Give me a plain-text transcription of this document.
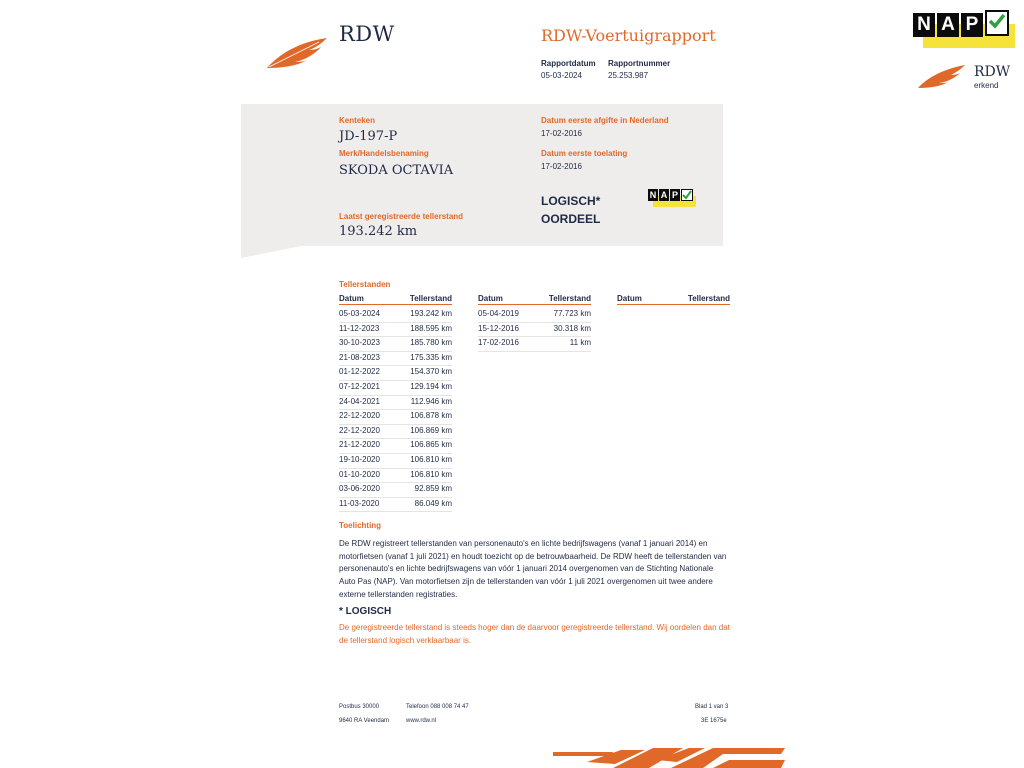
RDW	RDW-Voertuigrapport
Rapportdatum
05-03-2024
Rapportnummer
25.253.987
N A P
RDW
erkend
Kenteken
JD-197-P
Merk/Handelsbenaming
SKODA OCTAVIA
Laatst geregistreerde tellerstand
193.242 km
Datum eerste afgifte in Nederland
17-02-2016
Datum eerste toelating
17-02-2016
LOGISCH*
OORDEEL
N A P
Tellerstanden
Datum	Tellerstand	Datum	Tellerstand	Datum	Tellerstand
05-03-2024	193.242 km
11-12-2023	188.595 km
30-10-2023	185.780 km
21-08-2023	175.335 km
01-12-2022	154.370 km
07-12-2021	129.194 km
24-04-2021	112.946 km
22-12-2020	106.878 km
22-12-2020	106.869 km
21-12-2020	106.865 km
19-10-2020	106.810 km
01-10-2020	106.810 km
03-06-2020	92.859 km
11-03-2020	86.049 km
05-04-2019	77.723 km
15-12-2016	30.318 km
17-02-2016	11 km
Toelichting
De RDW registreert tellerstanden van personenauto's en lichte bedrijfswagens (vanaf 1 januari 2014) en motorfietsen (vanaf 1 juli 2021) en houdt toezicht op de betrouwbaarheid. De RDW heeft de tellerstanden van personenauto's en lichte bedrijfswagens van vóór 1 januari 2014 overgenomen van de Stichting Nationale Auto Pas (NAP). Van motorfietsen zijn de tellerstanden van vóór 1 juli 2021 overgenomen uit twee andere externe tellerstanden registraties.
* LOGISCH
De geregistreerde tellerstand is steeds hoger dan de daarvoor geregistreerde tellerstand. Wij oordelen dan dat de tellerstand logisch verklaarbaar is.
Postbus 30000
9640 RA Veendam
Telefoon 088 008 74 47
www.rdw.nl
Blad 1 van 3
3E 1675e
